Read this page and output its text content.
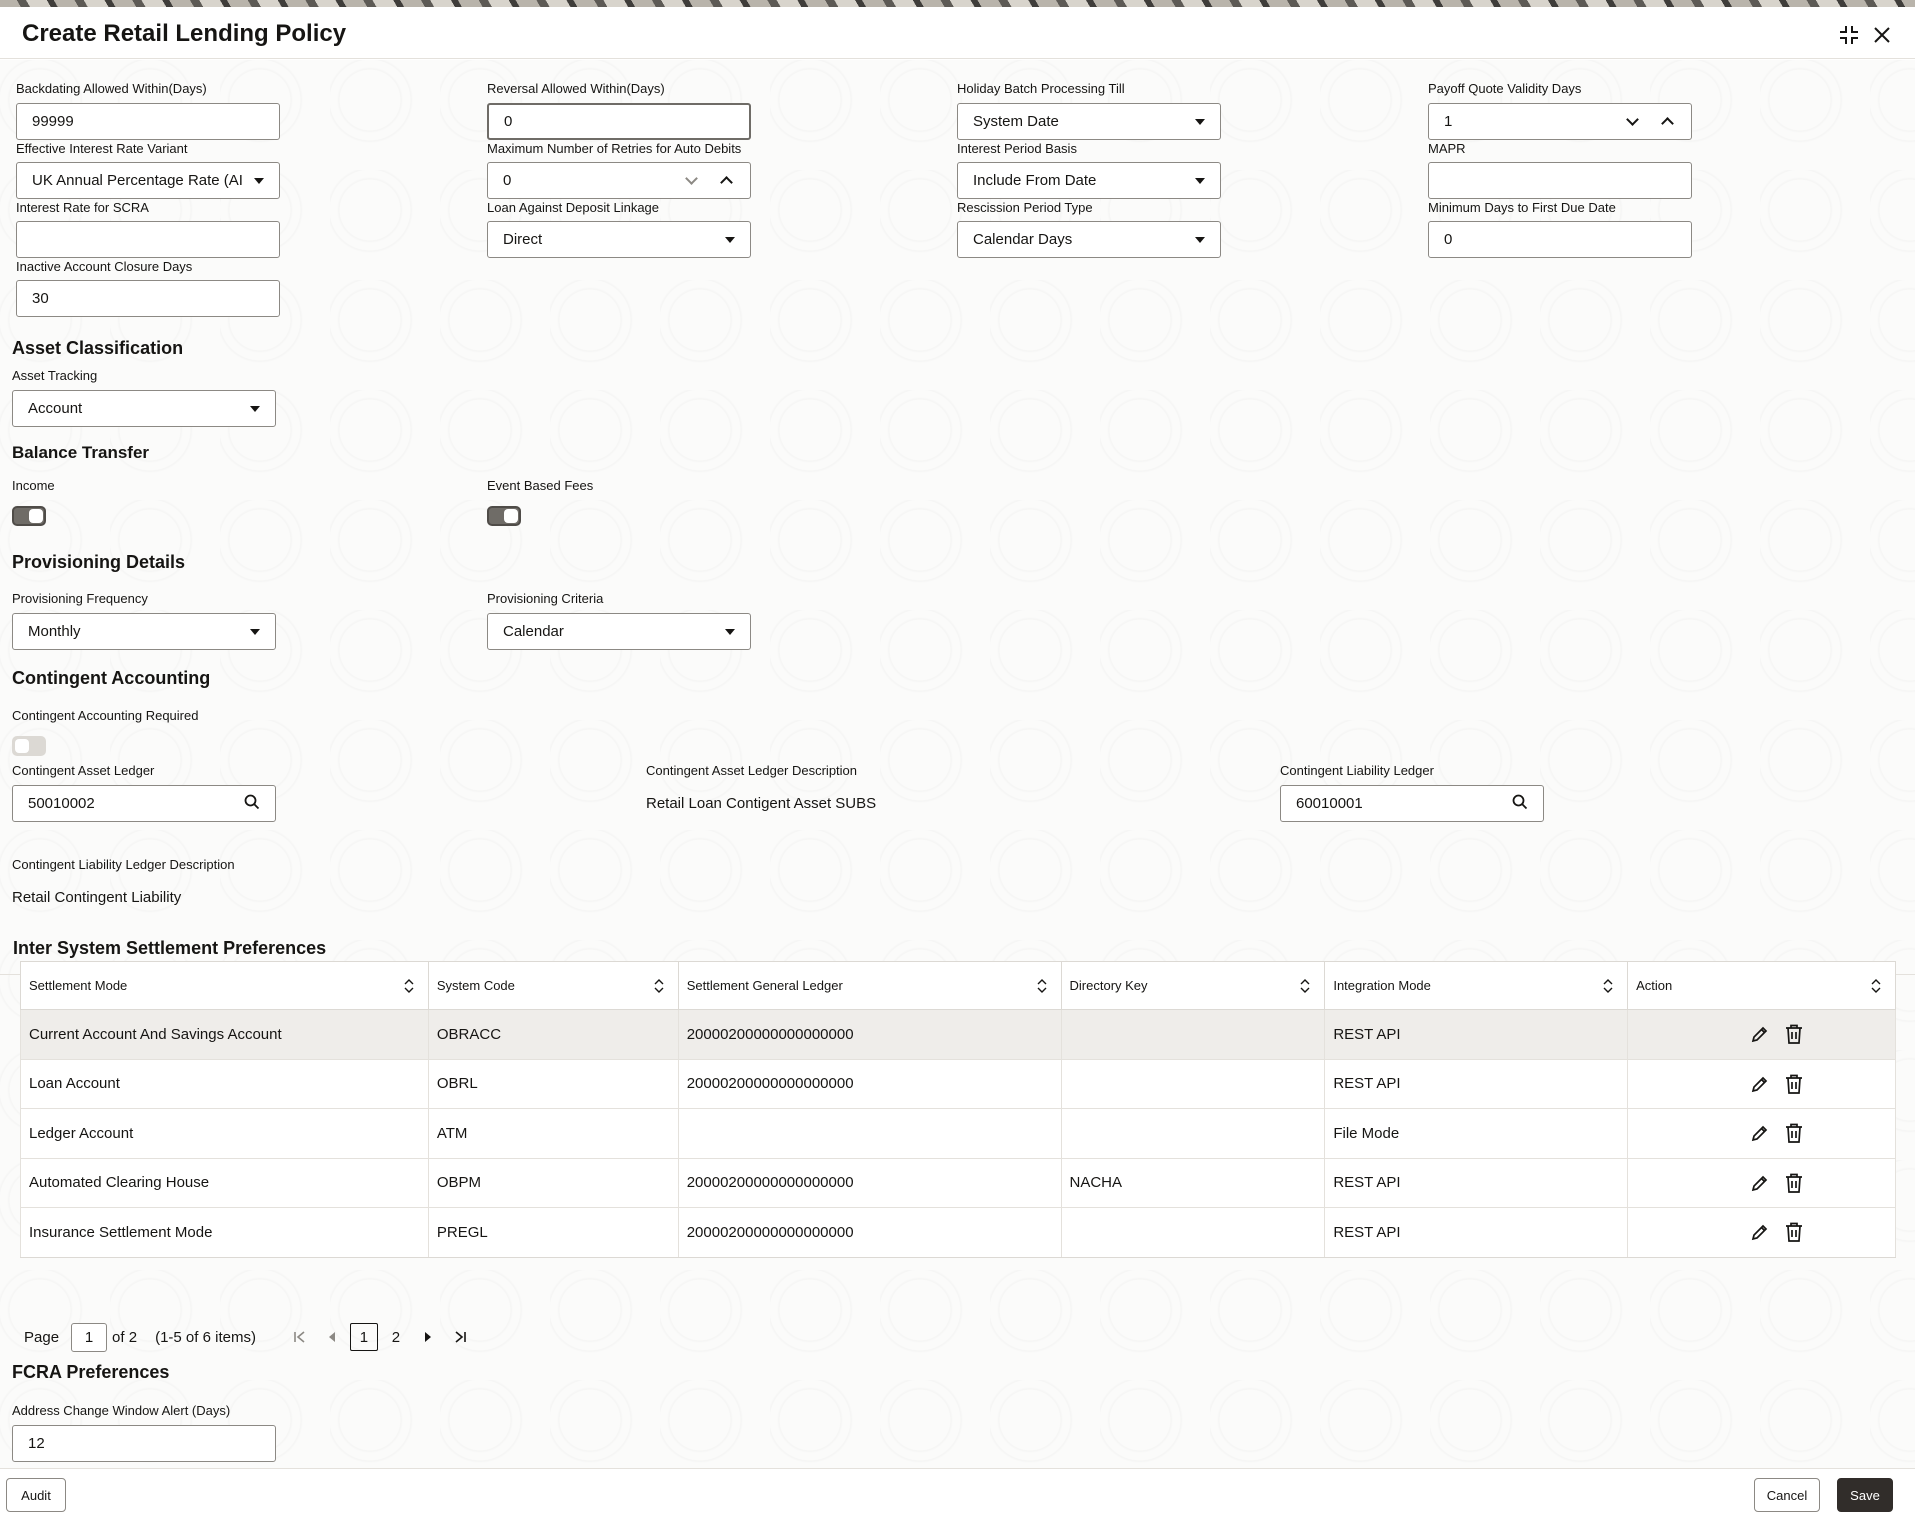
Create Retail Lending Policy
Backdating Allowed Within(Days)
99999
Reversal Allowed Within(Days)
0
Holiday Batch Processing Till
System Date
Payoff Quote Validity Days
1
Effective Interest Rate Variant
UK Annual Percentage Rate (AI
Maximum Number of Retries for Auto Debits
0
Interest Period Basis
Include From Date
MAPR
Interest Rate for SCRA	Loan Against Deposit Linkage
Direct
Rescission Period Type
Calendar Days
Minimum Days to First Due Date
0
Inactive Account Closure Days
30
Asset Classification
Asset Tracking
Account
Balance Transfer
Income	Event Based Fees
Provisioning Details
Provisioning Frequency
Monthly
Provisioning Criteria
Calendar
Contingent Accounting
Contingent Accounting Required
Contingent Asset Ledger
50010002
Contingent Asset Ledger Description
Retail Loan Contigent Asset SUBS
Contingent Liability Ledger
60010001
Contingent Liability Ledger Description
Retail Contingent Liability
Inter System Settlement Preferences
Settlement Mode	System Code	Settlement General Ledger	Directory Key	Integration Mode	Action

Current Account And Savings Account	OBRACC	20000200000000000000		REST API	

Loan Account	OBRL	20000200000000000000		REST API	

Ledger Account	ATM			File Mode	

Automated Clearing House	OBPM	20000200000000000000	NACHA	REST API	

Insurance Settlement Mode	PREGL	20000200000000000000		REST API	
Page	1	of 2 (1-5 of 6 items)	1	2
FCRA Preferences
Address Change Window Alert (Days)
12
Audit	Cancel	Save
